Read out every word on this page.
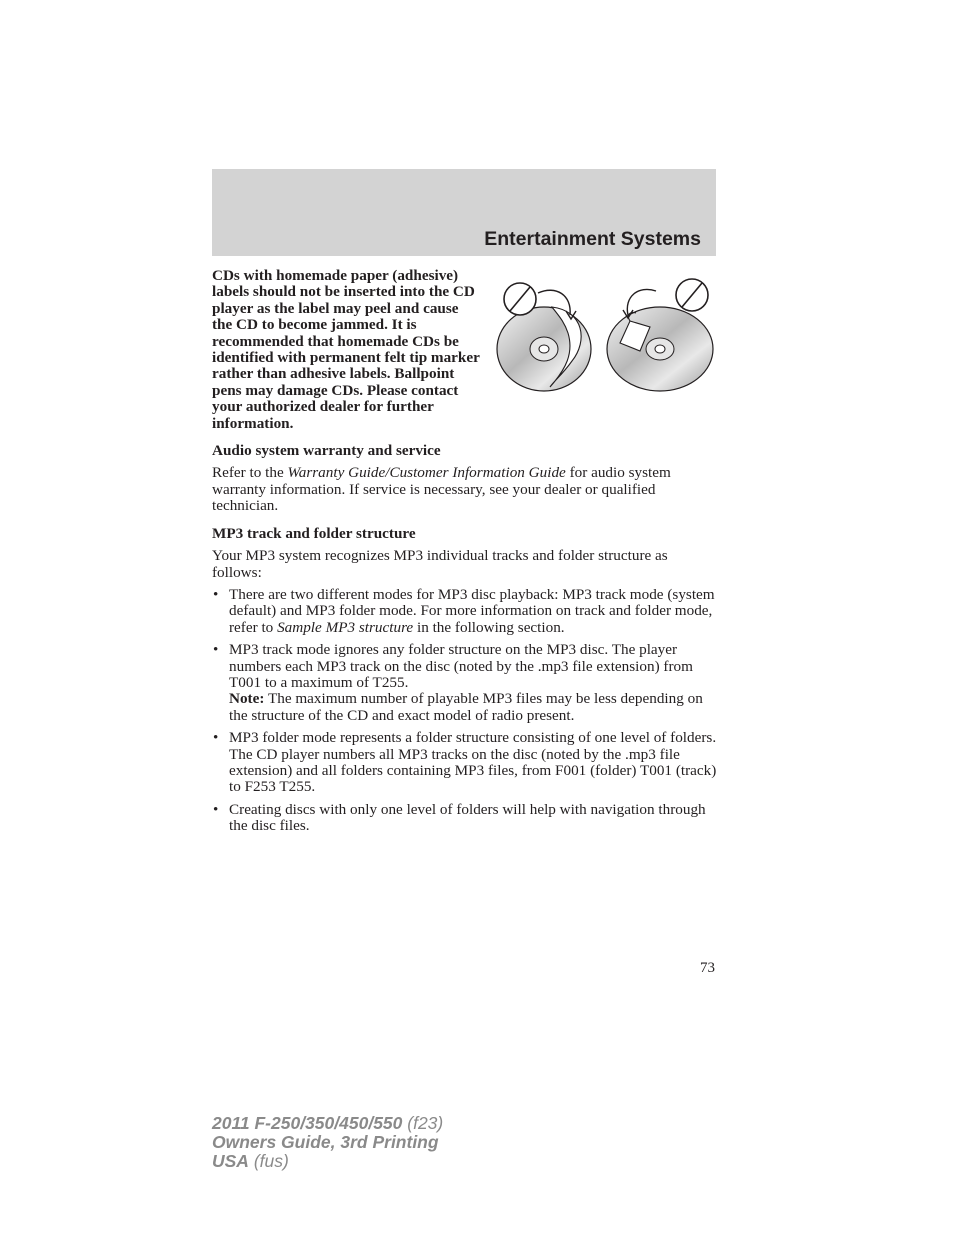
Entertainment Systems

CDs with homemade paper (adhesive) labels should not be inserted into the CD player as the label may peel and cause the CD to become jammed. It is recommended that homemade CDs be identified with permanent felt tip marker rather than adhesive labels. Ballpoint pens may damage CDs. Please contact your authorized dealer for further information.

Audio system warranty and service

Refer to the Warranty Guide/Customer Information Guide for audio system warranty information. If service is necessary, see your dealer or qualified technician.

MP3 track and folder structure

Your MP3 system recognizes MP3 individual tracks and folder structure as follows:

• There are two different modes for MP3 disc playback: MP3 track mode (system default) and MP3 folder mode. For more information on track and folder mode, refer to Sample MP3 structure in the following section.
• MP3 track mode ignores any folder structure on the MP3 disc. The player numbers each MP3 track on the disc (noted by the .mp3 file extension) from T001 to a maximum of T255.
Note: The maximum number of playable MP3 files may be less depending on the structure of the CD and exact model of radio present.
• MP3 folder mode represents a folder structure consisting of one level of folders. The CD player numbers all MP3 tracks on the disc (noted by the .mp3 file extension) and all folders containing MP3 files, from F001 (folder) T001 (track) to F253 T255.
• Creating discs with only one level of folders will help with navigation through the disc files.
73
2011 F-250/350/450/550 (f23)
Owners Guide, 3rd Printing
USA (fus)
